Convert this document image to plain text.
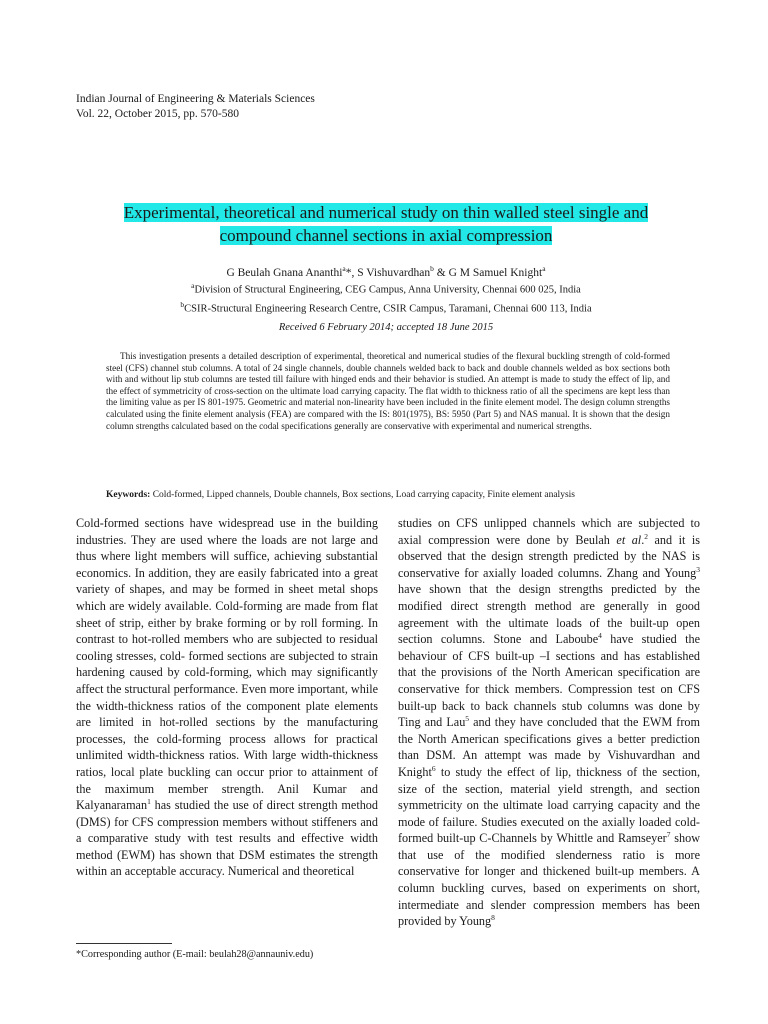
Indian Journal of Engineering & Materials Sciences
Vol. 22, October 2015, pp. 570-580
Experimental, theoretical and numerical study on thin walled steel single and
compound channel sections in axial compression
G Beulah Gnana Ananthi$^a$*, S Vishuvardhan$^b$ & G M Samuel Knight$^a$
$^a$Division of Structural Engineering, CEG Campus, Anna University, Chennai 600 025, India
$^b$CSIR-Structural Engineering Research Centre, CSIR Campus, Taramani, Chennai 600 113, India
Received 6 February 2014; accepted 18 June 2015
This investigation presents a detailed description of experimental, theoretical and numerical studies of the flexural buckling strength of cold-formed steel (CFS) channel stub columns. A total of 24 single channels, double channels welded back to back and double channels welded as box sections both with and without lip stub columns are tested till failure with hinged ends and their behavior is studied. An attempt is made to study the effect of lip, and the effect of symmetricity of cross-section on the ultimate load carrying capacity. The flat width to thickness ratio of all the specimens are kept less than the limiting value as per IS 801-1975. Geometric and material non-linearity have been included in the finite element model. The design column strengths calculated using the finite element analysis (FEA) are compared with the IS: 801(1975), BS: 5950 (Part 5) and NAS manual. It is shown that the design column strengths calculated based on the codal specifications generally are conservative with experimental and numerical strengths.
Keywords: Cold-formed, Lipped channels, Double channels, Box sections, Load carrying capacity, Finite element analysis

Cold-formed sections have widespread use in the building industries. They are used where the loads are not large and thus where light members will suffice, achieving substantial economics. In addition, they are easily fabricated into a great variety of shapes, and may be formed in sheet metal shops which are widely available. Cold-forming are made from flat sheet of strip, either by brake forming or by roll forming. In contrast to hot-rolled members who are subjected to residual cooling stresses, cold- formed sections are subjected to strain hardening caused by cold-forming, which may significantly affect the structural performance. Even more important, while the width-thickness ratios of the component plate elements are limited in hot-rolled sections by the manufacturing processes, the cold-forming process allows for practical unlimited width-thickness ratios. With large width-thickness ratios, local plate buckling can occur prior to attainment of the maximum member strength. Anil Kumar and Kalyanaraman$^1$ has studied the use of direct strength method (DMS) for CFS compression members without stiffeners and a comparative study with test results and effective width method (EWM) has shown that DSM estimates the strength within an acceptable accuracy. Numerical and theoretical

studies on CFS unlipped channels which are subjected to axial compression were done by Beulah et al.$^2$ and it is observed that the design strength predicted by the NAS is conservative for axially loaded columns. Zhang and Young$^3$ have shown that the design strengths predicted by the modified direct strength method are generally in good agreement with the ultimate loads of the built-up open section columns. Stone and Laboube$^4$ have studied the behaviour of CFS built-up –I sections and has established that the provisions of the North American specification are conservative for thick members. Compression test on CFS built-up back to back channels stub columns was done by Ting and Lau$^5$ and they have concluded that the EWM from the North American specifications gives a better prediction than DSM. An attempt was made by Vishuvardhan and Knight$^6$ to study the effect of lip, thickness of the section, size of the section, material yield strength, and section symmetricity on the ultimate load carrying capacity and the mode of failure. Studies executed on the axially loaded cold-formed built-up C-Channels by Whittle and Ramseyer$^7$ show that use of the modified slenderness ratio is more conservative for longer and thickened built-up members. A column buckling curves, based on experiments on short, intermediate and slender compression members has been provided by Young$^8$

*Corresponding author (E-mail: beulah28@annauniv.edu)
